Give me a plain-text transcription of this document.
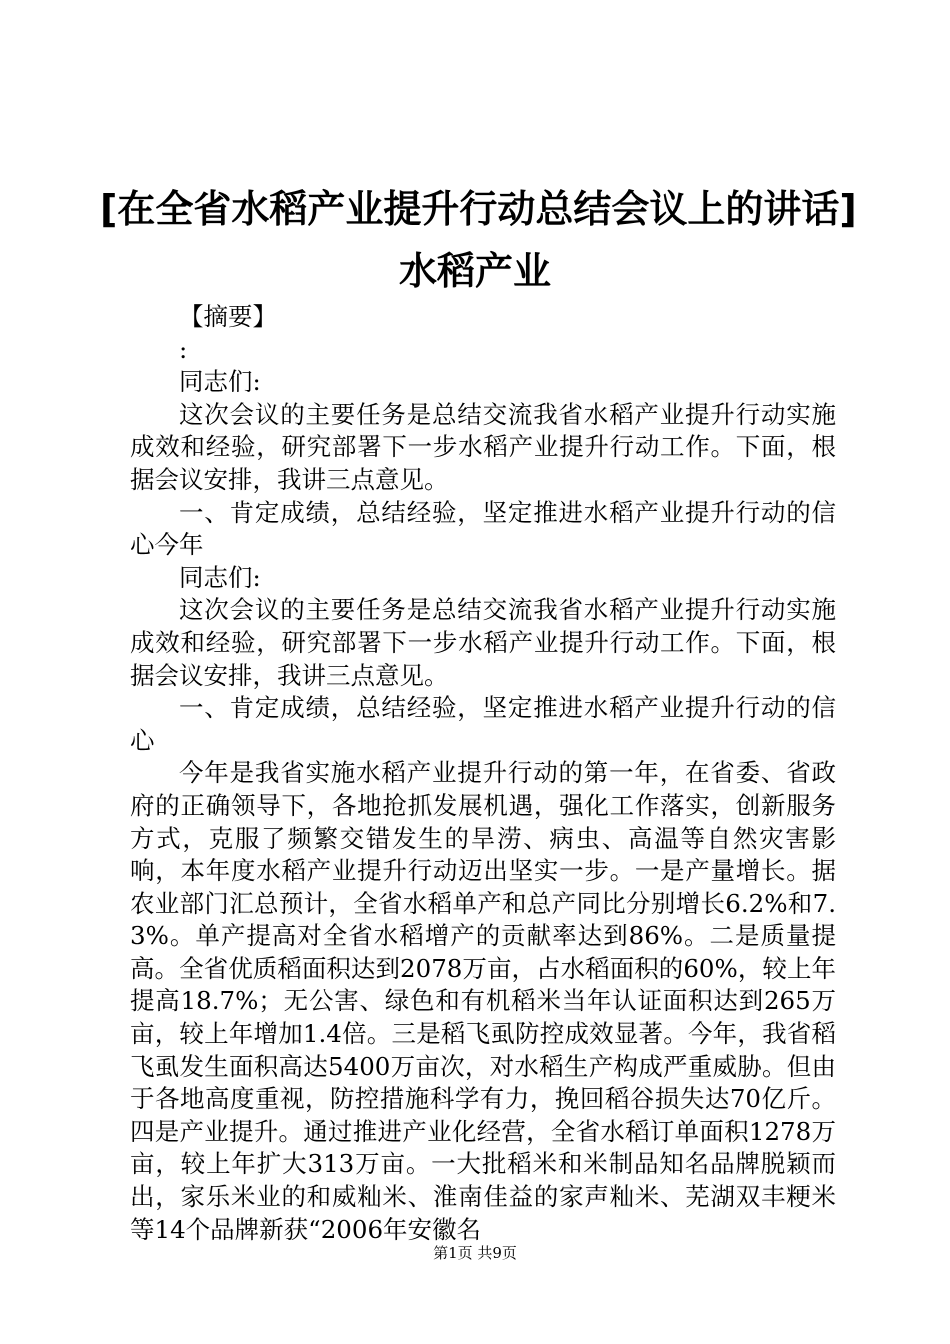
[在全省水稻产业提升行动总结会议上的讲话]
水稻产业

【摘要】

:

同志们:

这次会议的主要任务是总结交流我省水稻产业提升行动实施成效和经验，研究部署下一步水稻产业提升行动工作。下面，根据会议安排，我讲三点意见。

一、肯定成绩，总结经验，坚定推进水稻产业提升行动的信心今年

同志们:

这次会议的主要任务是总结交流我省水稻产业提升行动实施成效和经验，研究部署下一步水稻产业提升行动工作。下面，根据会议安排，我讲三点意见。

一、肯定成绩，总结经验，坚定推进水稻产业提升行动的信心

今年是我省实施水稻产业提升行动的第一年，在省委、省政府的正确领导下，各地抢抓发展机遇，强化工作落实，创新服务方式，克服了频繁交错发生的旱涝、病虫、高温等自然灾害影响，本年度水稻产业提升行动迈出坚实一步。一是产量增长。据农业部门汇总预计，全省水稻单产和总产同比分别增长6.2%和7.3%。单产提高对全省水稻增产的贡献率达到86%。二是质量提高。全省优质稻面积达到2078万亩，占水稻面积的60%，较上年提高18.7%；无公害、绿色和有机稻米当年认证面积达到265万亩，较上年增加1.4倍。三是稻飞虱防控成效显著。今年，我省稻飞虱发生面积高达5400万亩次，对水稻生产构成严重威胁。但由于各地高度重视，防控措施科学有力，挽回稻谷损失达70亿斤。四是产业提升。通过推进产业化经营，全省水稻订单面积1278万亩，较上年扩大313万亩。一大批稻米和米制品知名品牌脱颖而出，家乐米业的和威籼米、淮南佳益的家声籼米、芜湖双丰粳米等14个品牌新获“2006年安徽名

第1页 共9页
